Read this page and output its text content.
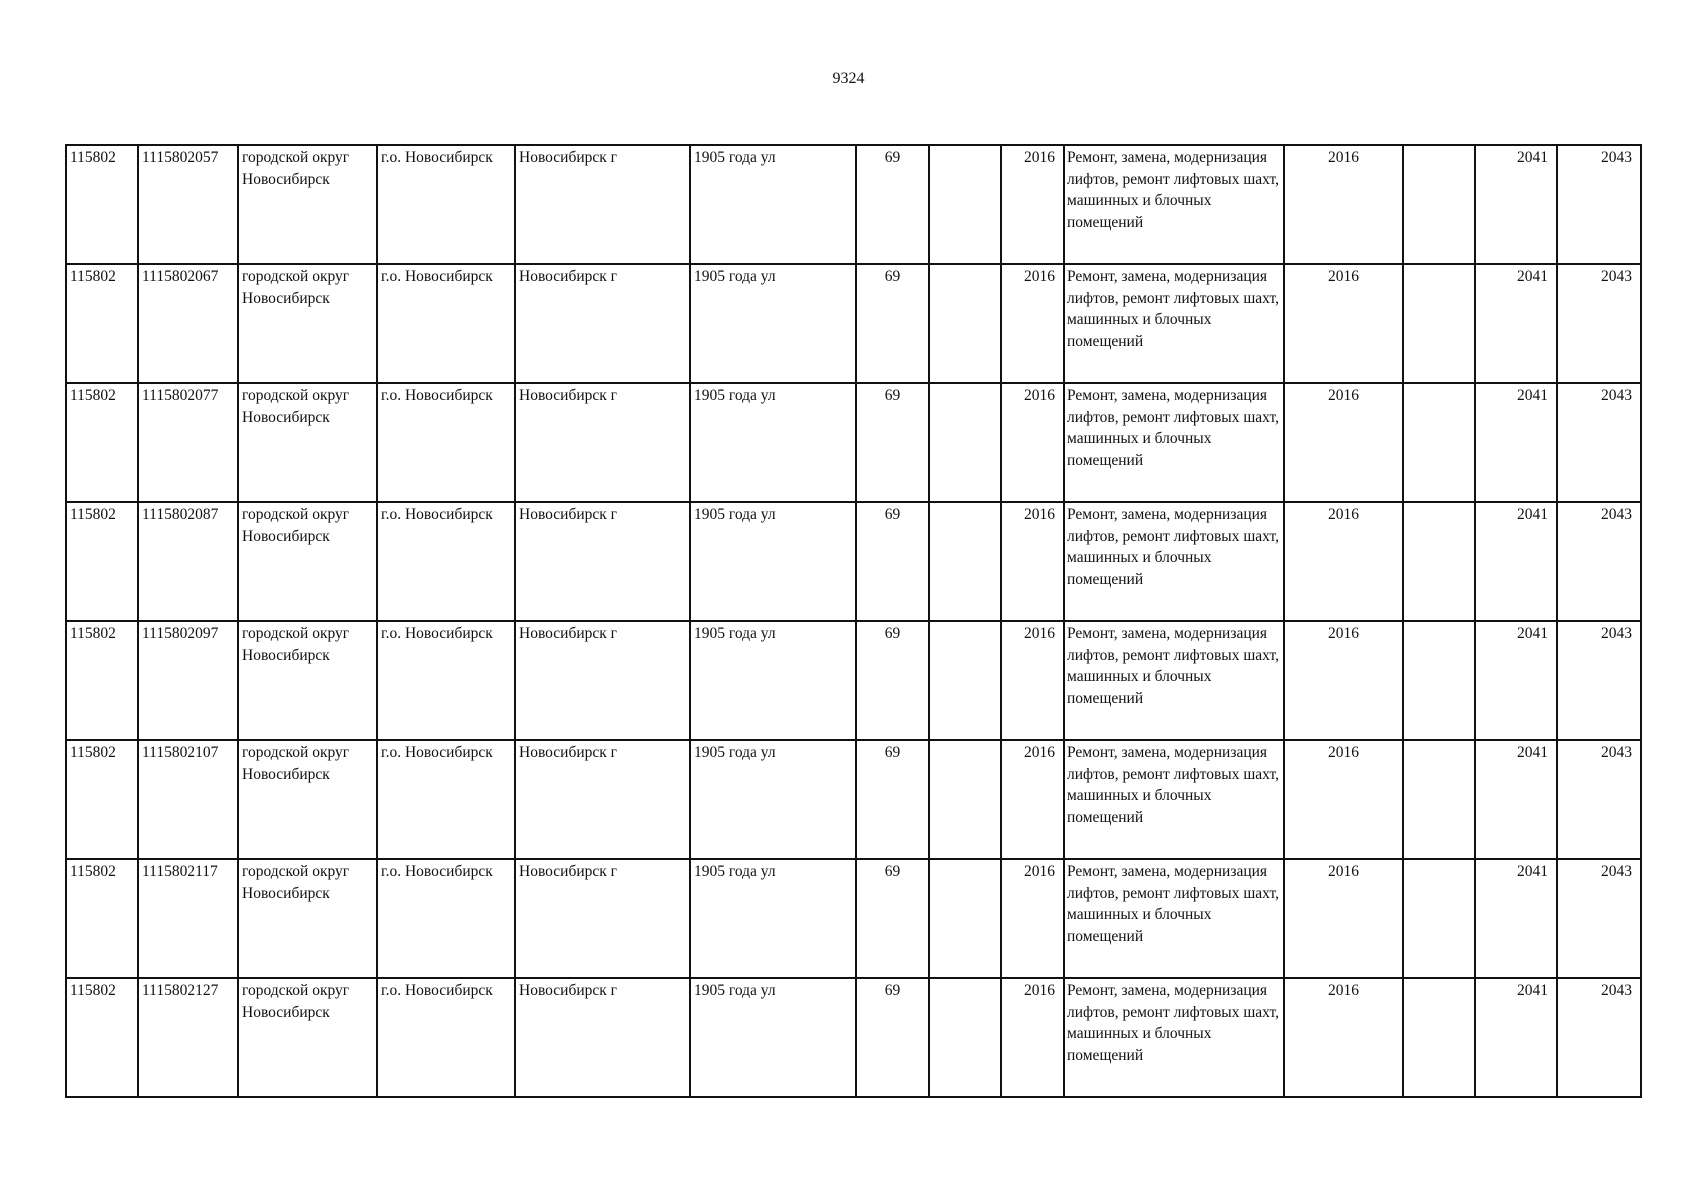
9324
115802	1115802057	городской округ Новосибирск	г.о. Новосибирск	Новосибирск г	1905 года ул	69		2016	Ремонт, замена, модернизация лифтов, ремонт лифтовых шахт, машинных и блочных помещений	2016		2041	2043
115802	1115802067	городской округ Новосибирск	г.о. Новосибирск	Новосибирск г	1905 года ул	69		2016	Ремонт, замена, модернизация лифтов, ремонт лифтовых шахт, машинных и блочных помещений	2016		2041	2043
115802	1115802077	городской округ Новосибирск	г.о. Новосибирск	Новосибирск г	1905 года ул	69		2016	Ремонт, замена, модернизация лифтов, ремонт лифтовых шахт, машинных и блочных помещений	2016		2041	2043
115802	1115802087	городской округ Новосибирск	г.о. Новосибирск	Новосибирск г	1905 года ул	69		2016	Ремонт, замена, модернизация лифтов, ремонт лифтовых шахт, машинных и блочных помещений	2016		2041	2043
115802	1115802097	городской округ Новосибирск	г.о. Новосибирск	Новосибирск г	1905 года ул	69		2016	Ремонт, замена, модернизация лифтов, ремонт лифтовых шахт, машинных и блочных помещений	2016		2041	2043
115802	1115802107	городской округ Новосибирск	г.о. Новосибирск	Новосибирск г	1905 года ул	69		2016	Ремонт, замена, модернизация лифтов, ремонт лифтовых шахт, машинных и блочных помещений	2016		2041	2043
115802	1115802117	городской округ Новосибирск	г.о. Новосибирск	Новосибирск г	1905 года ул	69		2016	Ремонт, замена, модернизация лифтов, ремонт лифтовых шахт, машинных и блочных помещений	2016		2041	2043
115802	1115802127	городской округ Новосибирск	г.о. Новосибирск	Новосибирск г	1905 года ул	69		2016	Ремонт, замена, модернизация лифтов, ремонт лифтовых шахт, машинных и блочных помещений	2016		2041	2043
